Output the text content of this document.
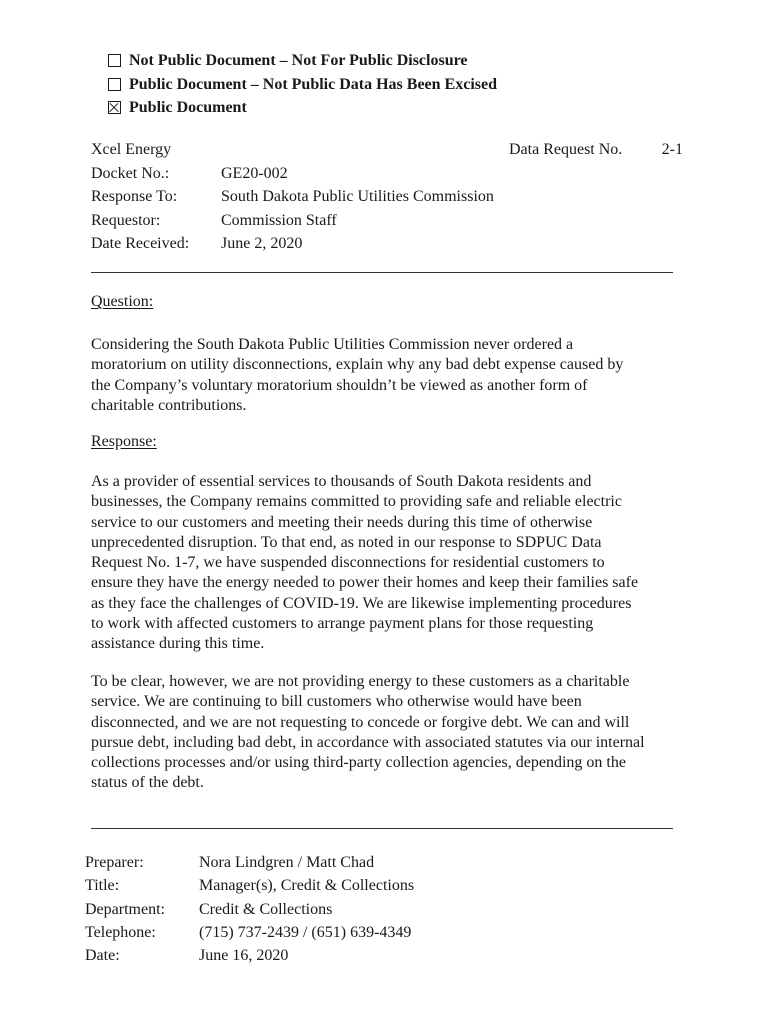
Not Public Document – Not For Public Disclosure
Public Document – Not Public Data Has Been Excised
Public Document
Xcel Energy	Data Request No. 2-1
Docket No.:	GE20-002
Response To:	South Dakota Public Utilities Commission
Requestor:	Commission Staff
Date Received: June 2, 2020
Question:
Considering the South Dakota Public Utilities Commission never ordered a
moratorium on utility disconnections, explain why any bad debt expense caused by
the Company’s voluntary moratorium shouldn’t be viewed as another form of
charitable contributions.
Response:
As a provider of essential services to thousands of South Dakota residents and
businesses, the Company remains committed to providing safe and reliable electric
service to our customers and meeting their needs during this time of otherwise
unprecedented disruption. To that end, as noted in our response to SDPUC Data
Request No. 1-7, we have suspended disconnections for residential customers to
ensure they have the energy needed to power their homes and keep their families safe
as they face the challenges of COVID-19. We are likewise implementing procedures
to work with affected customers to arrange payment plans for those requesting
assistance during this time.
To be clear, however, we are not providing energy to these customers as a charitable
service. We are continuing to bill customers who otherwise would have been
disconnected, and we are not requesting to concede or forgive debt. We can and will
pursue debt, including bad debt, in accordance with associated statutes via our internal
collections processes and/or using third-party collection agencies, depending on the
status of the debt.
Preparer:	Nora Lindgren / Matt Chad
Title:	Manager(s), Credit & Collections
Department: Credit & Collections
Telephone:	(715) 737-2439 / (651) 639-4349
Date:	June 16, 2020
